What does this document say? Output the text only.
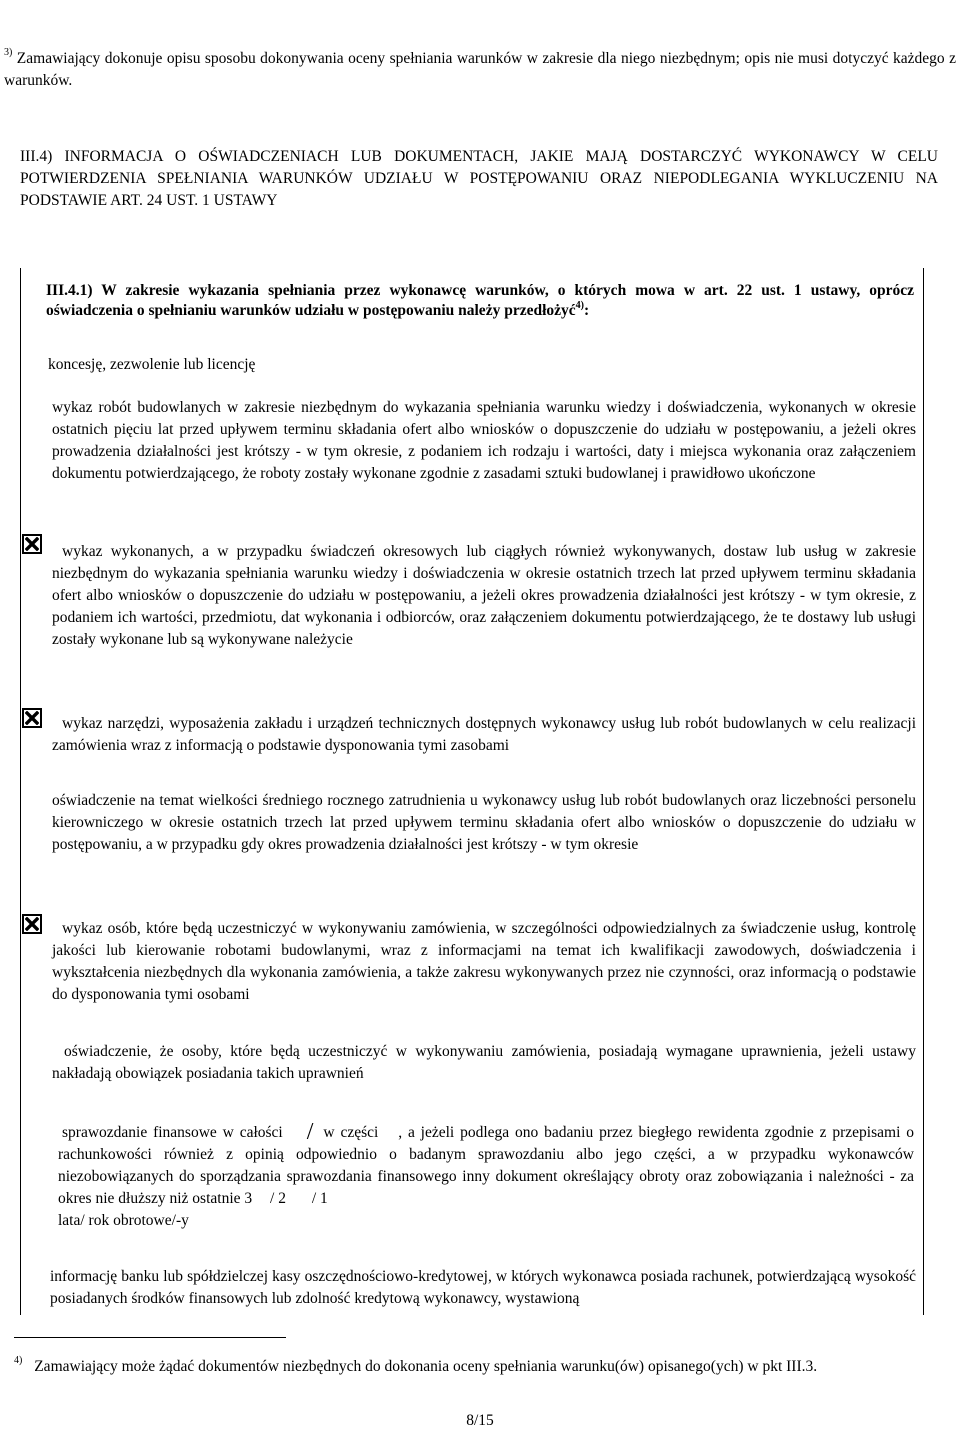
$^{3)}$ Zamawiający dokonuje opisu sposobu dokonywania oceny spełniania warunków w zakresie dla niego niezbędnym; opis nie musi dotyczyć każdego z warunków.
III.4) INFORMACJA O OŚWIADCZENIACH LUB DOKUMENTACH, JAKIE MAJĄ DOSTARCZYĆ WYKONAWCY W CELU POTWIERDZENIA SPEŁNIANIA WARUNKÓW UDZIAŁU W POSTĘPOWANIU ORAZ NIEPODLEGANIA WYKLUCZENIU NA PODSTAWIE ART. 24 UST. 1 USTAWY
III.4.1) W zakresie wykazania spełniania przez wykonawcę warunków, o których mowa w art. 22 ust. 1 ustawy, oprócz oświadczenia o spełnianiu warunków udziału w postępowaniu należy przedłożyć$^{4)}$:
koncesję, zezwolenie lub licencję
wykaz robót budowlanych w zakresie niezbędnym do wykazania spełniania warunku wiedzy i doświadczenia, wykonanych w okresie ostatnich pięciu lat przed upływem terminu składania ofert albo wniosków o dopuszczenie do udziału w postępowaniu, a jeżeli okres prowadzenia działalności jest krótszy - w tym okresie, z podaniem ich rodzaju i wartości, daty i miejsca wykonania oraz załączeniem dokumentu potwierdzającego, że roboty zostały wykonane zgodnie z zasadami sztuki budowlanej i prawidłowo ukończone
wykaz wykonanych, a w przypadku świadczeń okresowych lub ciągłych również wykonywanych, dostaw lub usług w zakresie niezbędnym do wykazania spełniania warunku wiedzy i doświadczenia w okresie ostatnich trzech lat przed upływem terminu składania ofert albo wniosków o dopuszczenie do udziału w postępowaniu, a jeżeli okres prowadzenia działalności jest krótszy - w tym okresie, z podaniem ich wartości, przedmiotu, dat wykonania i odbiorców, oraz załączeniem dokumentu potwierdzającego, że te dostawy lub usługi zostały wykonane lub są wykonywane należycie
wykaz narzędzi, wyposażenia zakładu i urządzeń technicznych dostępnych wykonawcy usług lub robót budowlanych w celu realizacji zamówienia wraz z informacją o podstawie dysponowania tymi zasobami
oświadczenie na temat wielkości średniego rocznego zatrudnienia u wykonawcy usług lub robót budowlanych oraz liczebności personelu kierowniczego w okresie ostatnich trzech lat przed upływem terminu składania ofert albo wniosków o dopuszczenie do udziału w postępowaniu, a w przypadku gdy okres prowadzenia działalności jest krótszy - w tym okresie
wykaz osób, które będą uczestniczyć w wykonywaniu zamówienia, w szczególności odpowiedzialnych za świadczenie usług, kontrolę jakości lub kierowanie robotami budowlanymi, wraz z informacjami na temat ich kwalifikacji zawodowych, doświadczenia i wykształcenia niezbędnych dla wykonania zamówienia, a także zakresu wykonywanych przez nie czynności, oraz informacją o podstawie do dysponowania tymi osobami
oświadczenie, że osoby, które będą uczestniczyć w wykonywaniu zamówienia, posiadają wymagane uprawnienia, jeżeli ustawy nakładają obowiązek posiadania takich uprawnień
sprawozdanie finansowe w całości / w części , a jeżeli podlega ono badaniu przez biegłego rewidenta zgodnie z przepisami o rachunkowości również z opinią odpowiednio o badanym sprawozdaniu albo jego części, a w przypadku wykonawców niezobowiązanych do sporządzania sprawozdania finansowego inny dokument określający obroty oraz zobowiązania i należności - za okres nie dłuższy niż ostatnie 3 / 2 / 1
lata/ rok obrotowe/-y
informację banku lub spółdzielczej kasy oszczędnościowo-kredytowej, w których wykonawca posiada rachunek, potwierdzającą wysokość posiadanych środków finansowych lub zdolność kredytową wykonawcy, wystawioną
$^{4)}$ Zamawiający może żądać dokumentów niezbędnych do dokonania oceny spełniania warunku(ów) opisanego(ych) w pkt III.3.
8/15
